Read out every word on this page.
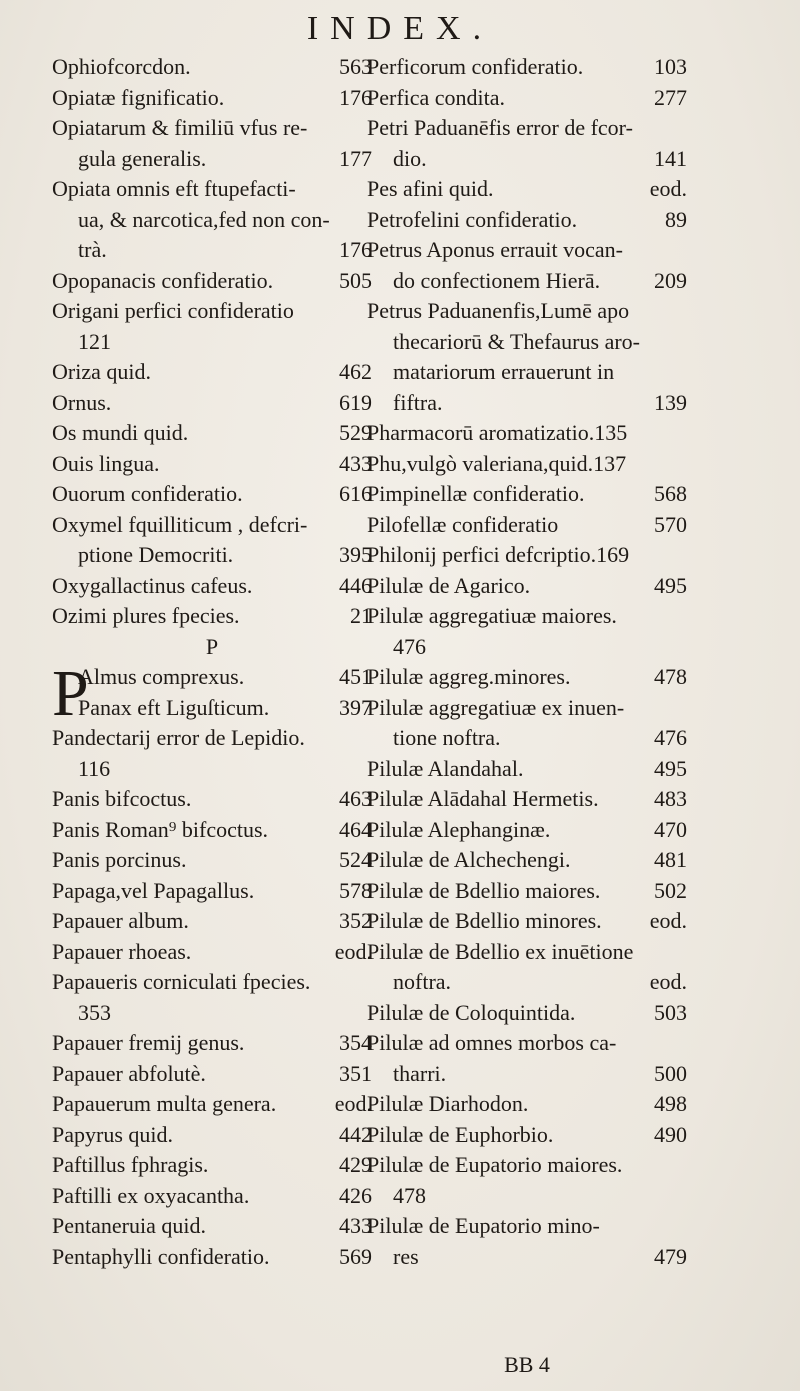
INDEX.
Ophiofcorcdon.	563
Opiatæ fignificatio.	176
Opiatarum & fimiliū vfus re-
gula generalis.	177
Opiata omnis eft ftupefacti-
ua, & narcotica,fed non con-
trà.	176
Opopanacis confideratio.	505
Origani perfici confideratio
121
Oriza quid.	462
Ornus.	619
Os mundi quid.	529
Ouis lingua.	433
Ouorum confideratio.	616
Oxymel fquilliticum , defcri-
ptione Democriti.	395
Oxygallactinus cafeus.	446
Ozimi plures fpecies.	21
P
P
Almus comprexus.	451
Panax eft Liguſticum.	397
Pandectarij error de Lepidio.
116
Panis bifcoctus.	463
Panis Roman⁹ bifcoctus.	464
Panis porcinus.	524
Papaga,vel Papagallus.	578
Papauer album.	352
Papauer rhoeas.	eod.
Papaueris corniculati fpecies.
353
Papauer fremij genus.	354
Papauer abfolutè.	351
Papauerum multa genera.	eod.
Papyrus quid.	442
Paftillus fphragis.	429
Paftilli ex oxyacantha.	426
Pentaneruia quid.	433
Pentaphylli confideratio.	569
Perficorum confideratio.	103
Perfica condita.	277
Petri Paduanēfis error de fcor-
dio.	141
Pes afini quid.	eod.
Petrofelini confideratio.	89
Petrus Aponus errauit vocan-
do confectionem Hierā. 209
Petrus Paduanenfis,Lumē apo
thecariorū & Thefaurus aro-
matariorum errauerunt in
fiftra.	139
Pharmacorū aromatizatio.135
Phu,vulgò valeriana,quid.137
Pimpinellæ confideratio.	568
Pilofellæ confideratio	570
Philonij perfici defcriptio.169
Pilulæ de Agarico.	495
Pilulæ aggregatiuæ maiores.
476
Pilulæ aggreg.minores.	478
Pilulæ aggregatiuæ ex inuen-
tione noftra.	476
Pilulæ Alandahal.	495
Pilulæ Alādahal Hermetis.	483
Pilulæ Alephanginæ.	470
Pilulæ de Alchechengi.	481
Pilulæ de Bdellio maiores. 502
Pilulæ de Bdellio minores. eod.
Pilulæ de Bdellio ex inuētione
noftra.	eod.
Pilulæ de Coloquintida.	503
Pilulæ ad omnes morbos ca-
tharri.	500
Pilulæ Diarhodon.	498
Pilulæ de Euphorbio.	490
Pilulæ de Eupatorio maiores.
478
Pilulæ de Eupatorio mino-
res	479
BB 4
